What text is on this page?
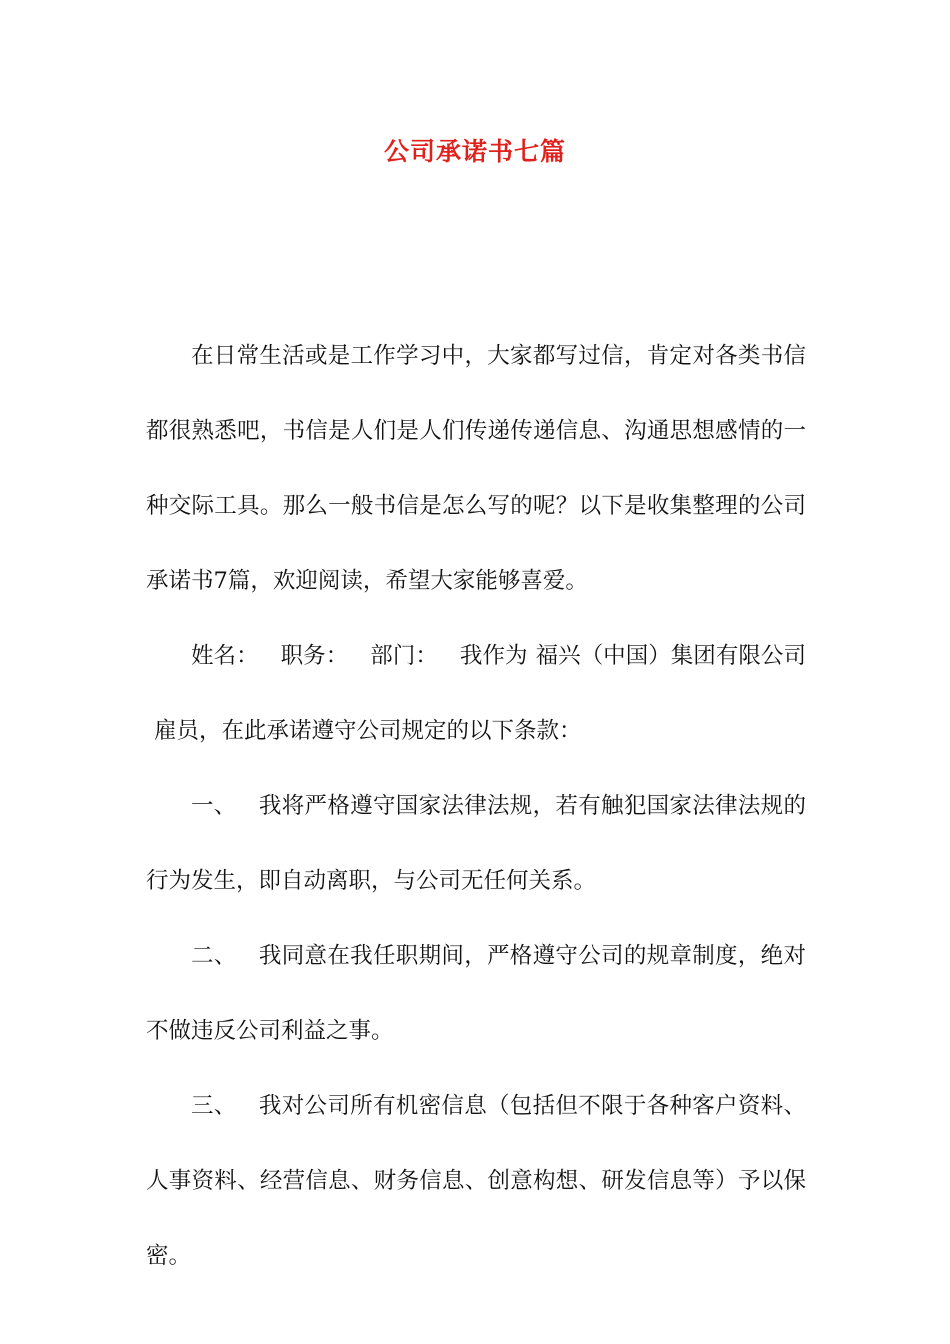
公司承诺书七篇

在日常生活或是工作学习中，大家都写过信，肯定对各类书信都很熟悉吧，书信是人们是人们传递传递信息、沟通思想感情的一种交际工具。那么一般书信是怎么写的呢？以下是收集整理的公司承诺书7篇，欢迎阅读，希望大家能够喜爱。

姓名： 职务： 部门： 我作为 福兴（中国）集团有限公司雇员，在此承诺遵守公司规定的以下条款：

一、 我将严格遵守国家法律法规，若有触犯国家法律法规的行为发生，即自动离职，与公司无任何关系。

二、 我同意在我任职期间，严格遵守公司的规章制度，绝对不做违反公司利益之事。

三、 我对公司所有机密信息（包括但不限于各种客户资料、人事资料、经营信息、财务信息、创意构想、研发信息等）予以保密。
